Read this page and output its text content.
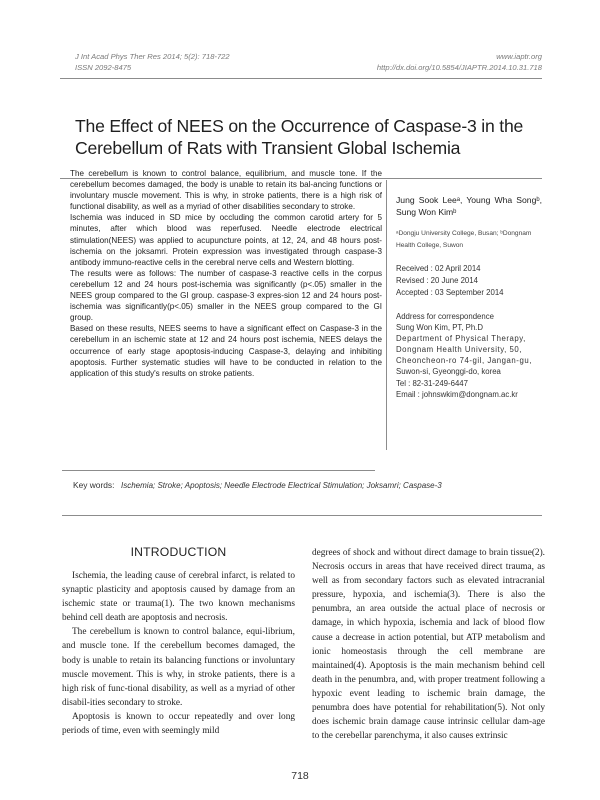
J Int Acad Phys Ther Res 2014; 5(2): 718-722
ISSN 2092-8475
www.iaptr.org
http://dx.doi.org/10.5854/JIAPTR.2014.10.31.718
The Effect of NEES on the Occurrence of Caspase-3 in the
Cerebellum of Rats with Transient Global Ischemia

The cerebellum is known to control balance, equilibrium, and muscle tone. If the cerebellum becomes damaged, the body is unable to retain its bal-ancing functions or involuntary muscle movement. This is why, in stroke patients, there is a high risk of functional disability, as well as a myriad of other disabilities secondary to stroke.

Ischemia was induced in SD mice by occluding the common carotid artery for 5 minutes, after which blood was reperfused. Needle electrode electrical stimulation(NEES) was applied to acupuncture points, at 12, 24, and 48 hours post-ischemia on the joksamri. Protein expression was investigated through caspase-3 antibody immuno-reactive cells in the cerebral nerve cells and Western blotting.

The results were as follows: The number of caspase-3 reactive cells in the corpus cerebellum 12 and 24 hours post-ischemia was significantly (p<.05) smaller in the NEES group compared to the GI group. caspase-3 expres-sion 12 and 24 hours post-ischemia was significantly(p<.05) smaller in the NEES group compared to the GI group.

Based on these results, NEES seems to have a significant effect on Caspase-3 in the cerebellum in an ischemic state at 12 and 24 hours post ischemia, NEES delays the occurrence of early stage apoptosis-inducing Caspase-3, delaying and inhibiting apoptosis. Further systematic studies will have to be conducted in relation to the application of this study's results on stroke patients.

Jung Sook Leeᵃ, Young Wha Songᵇ, Sung Won Kimᵇ
ᵃDongju University College, Busan; ᵇDongnam Health College, Suwon
Received : 02 April 2014
Revised : 20 June 2014
Accepted : 03 September 2014
Address for correspondence
Sung Won Kim, PT, Ph.D
Department of Physical Therapy,
Dongnam Health University, 50,
Cheoncheon-ro 74-gil, Jangan-gu,
Suwon-si, Gyeonggi-do, korea
Tel : 82-31-249-6447
Email : johnswkim@dongnam.ac.kr
Key words: Ischemia; Stroke; Apoptosis; Needle Electrode Electrical Stimulation; Joksamri; Caspase-3
INTRODUCTION

Ischemia, the leading cause of cerebral infarct, is related to synaptic plasticity and apoptosis caused by damage from an ischemic state or trauma(1). The two known mechanisms behind cell death are apoptosis and necrosis.

The cerebellum is known to control balance, equi-librium, and muscle tone. If the cerebellum becomes damaged, the body is unable to retain its balancing functions or involuntary muscle movement. This is why, in stroke patients, there is a high risk of func-tional disability, as well as a myriad of other disabil-ities secondary to stroke.

Apoptosis is known to occur repeatedly and over long periods of time, even with seemingly mild

degrees of shock and without direct damage to brain tissue(2). Necrosis occurs in areas that have received direct trauma, as well as from secondary factors such as elevated intracranial pressure, hypoxia, and ischemia(3). There is also the penumbra, an area outside the actual place of necrosis or damage, in which hypoxia, ischemia and lack of blood flow cause a decrease in action potential, but ATP metabolism and ionic homeostasis through the cell membrane are maintained(4). Apoptosis is the main mechanism behind cell death in the penumbra, and, with proper treatment following a hypoxic event leading to ischemic brain damage, the penumbra does have potential for rehabilitation(5). Not only does ischemic brain damage cause intrinsic cellular dam-age to the cerebellar parenchyma, it also causes extrinsic

718
